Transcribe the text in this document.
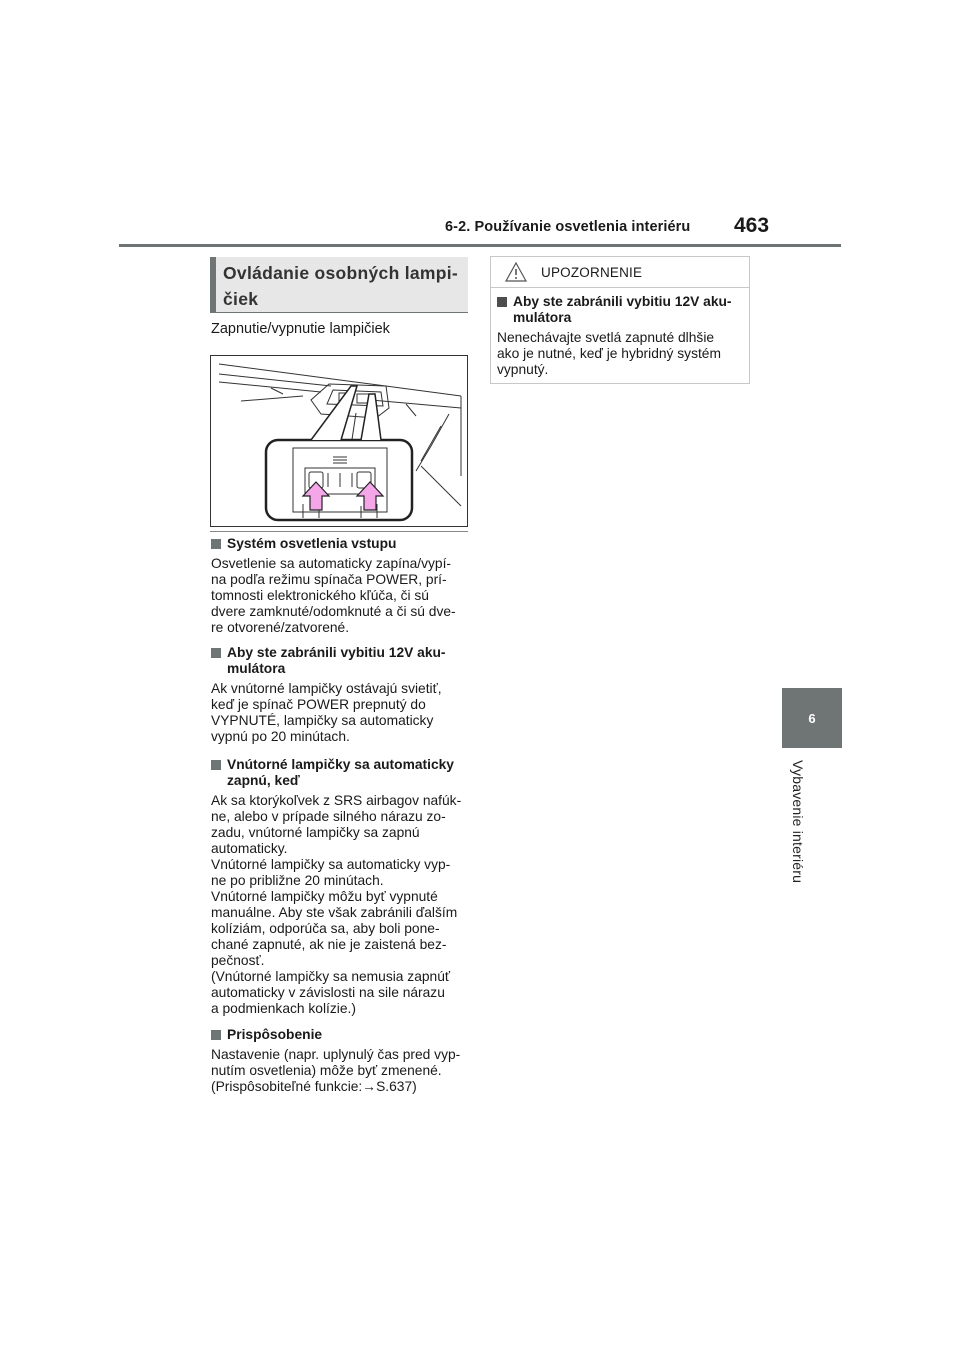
6-2. Používanie osvetlenia interiéru 463
6
Vybavenie interiéru
Ovládanie osobných lampi-
čiek
Zapnutie/vypnutie lampičiek
Systém osvetlenia vstupu
Osvetlenie sa automaticky zapína/vypí-
na podľa režimu spínača POWER, prí-
tomnosti elektronického kľúča, či sú
dvere zamknuté/odomknuté a či sú dve-
re otvorené/zatvorené.
Aby ste zabránili vybitiu 12V aku-
mulátora
Ak vnútorné lampičky ostávajú svietiť,
keď je spínač POWER prepnutý do
VYPNUTÉ, lampičky sa automaticky
vypnú po 20 minútach.
Vnútorné lampičky sa automaticky
zapnú, keď
Ak sa ktorýkoľvek z SRS airbagov nafúk-
ne, alebo v prípade silného nárazu zo-
zadu, vnútorné lampičky sa zapnú
automaticky.
Vnútorné lampičky sa automaticky vyp-
ne po približne 20 minútach.
Vnútorné lampičky môžu byť vypnuté
manuálne. Aby ste však zabránili ďalším
kolíziám, odporúča sa, aby boli pone-
chané zapnuté, ak nie je zaistená bez-
pečnosť.
(Vnútorné lampičky sa nemusia zapnúť
automaticky v závislosti na sile nárazu
a podmienkach kolízie.)
Prispôsobenie
Nastavenie (napr. uplynulý čas pred vyp-
nutím osvetlenia) môže byť zmenené.
(Prispôsobiteľné funkcie:→S.637)
UPOZORNENIE
Aby ste zabránili vybitiu 12V aku-
mulátora
Nenechávajte svetlá zapnuté dlhšie
ako je nutné, keď je hybridný systém
vypnutý.
